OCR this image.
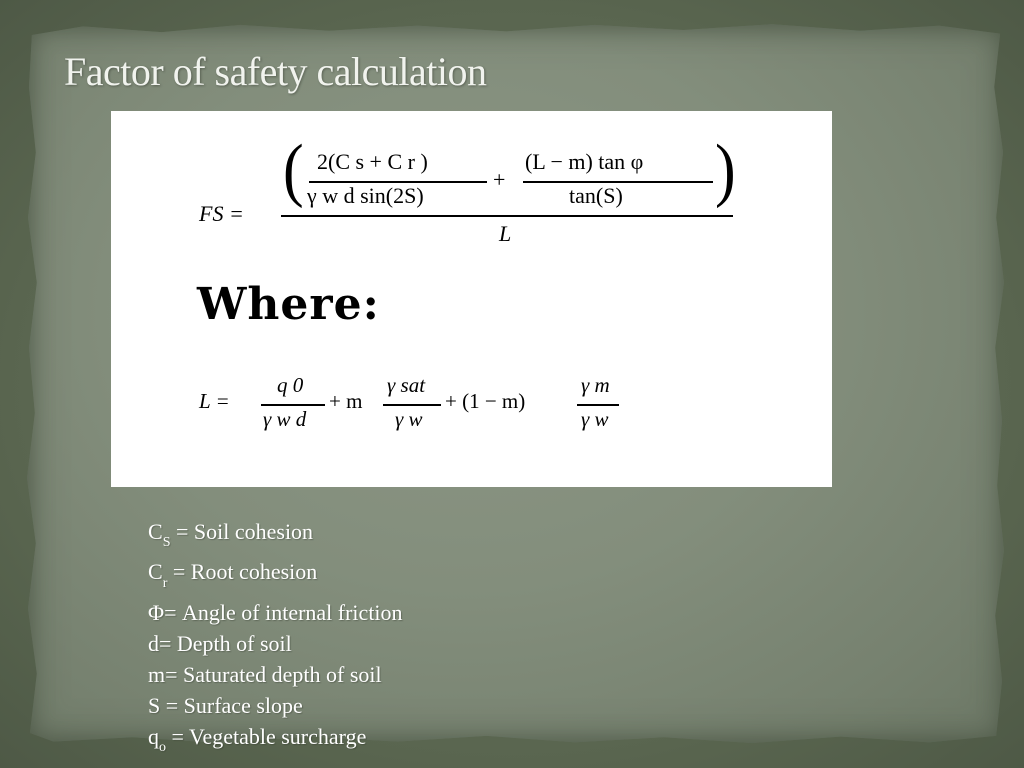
Factor of safety calculation
FS =
( 2(C s + C r )
γ w d sin(2S)
+
(L − m) tan φ
tan(S) )
L
Where:
L =
q 0
γ w d
+ m
γ sat
γ w
+ (1 − m)
γ m
γ w
$C_S$ = Soil cohesion
$C_r$ = Root cohesion
Φ= Angle of internal friction
d= Depth of soil
m= Saturated depth of soil
S = Surface slope
$q_o$ = Vegetable surcharge
